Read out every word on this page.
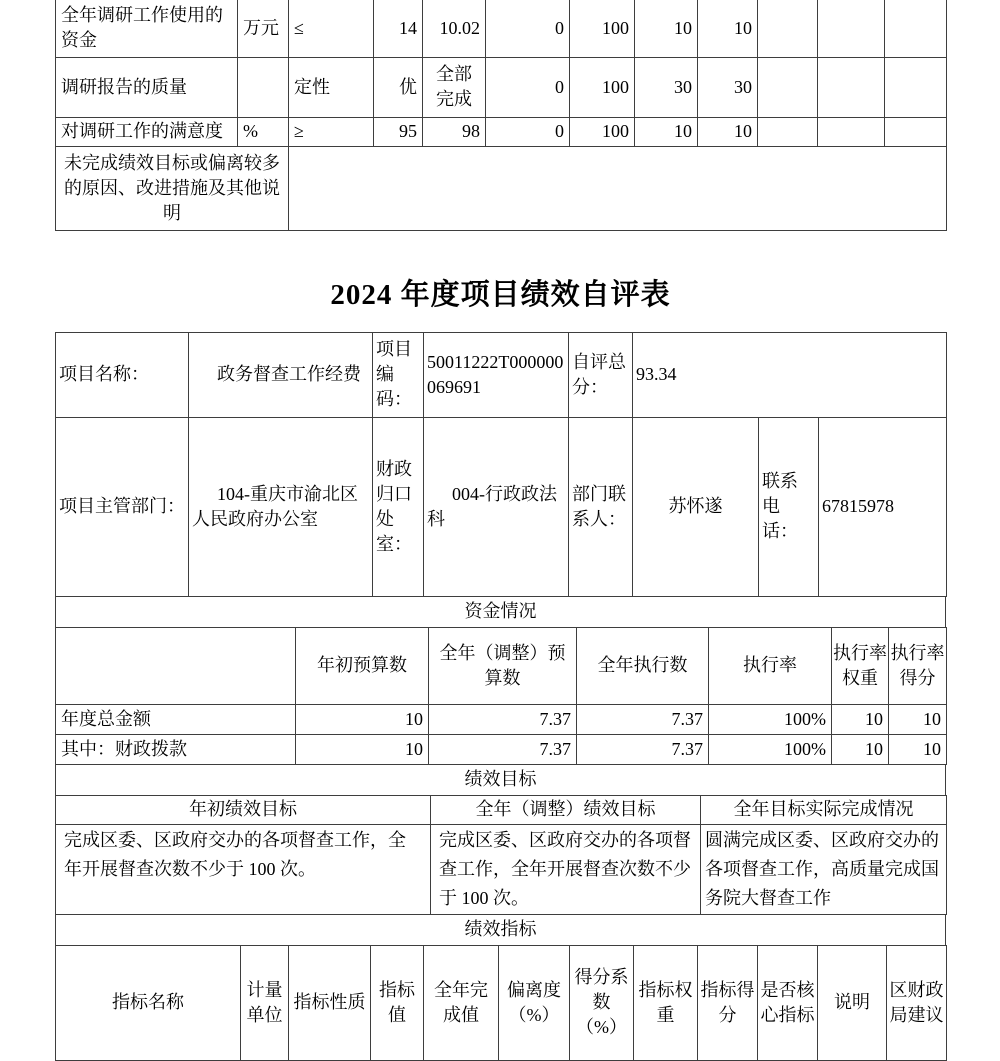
全年调研工作使用的资金	万元	≤	14	10.02	0	100	10	10			
调研报告的质量		定性	优	全部完成	0	100	30	30			
对调研工作的满意度	%	≥	95	98	0	100	10	10			
未完成绩效目标或偏离较多的原因、改进措施及其他说明											
2024 年度项目绩效自评表
项目名称：	政务督查工作经费	项目编码：	50011222T000000069691	自评总分：	93.34		
项目主管部门：	104-重庆市渝北区人民政府办公室	财政归口处室：	004-行政政法科	部门联系人：	苏怀遂	联系电话：	67815978
资金情况
	年初预算数	全年（调整）预算数	全年执行数	执行率	执行率权重	执行率得分
年度总金额	10	7.37	7.37	100%	10	10
其中：财政拨款	10	7.37	7.37	100%	10	10
绩效目标
年初绩效目标	全年（调整）绩效目标	全年目标实际完成情况
完成区委、区政府交办的各项督查工作，全年开展督查次数不少于 100 次。	完成区委、区政府交办的各项督查工作，全年开展督查次数不少于 100 次。	圆满完成区委、区政府交办的各项督查工作，高质量完成国务院大督查工作
绩效指标
指标名称	计量单位	指标性质	指标值	全年完成值	偏离度（%）	得分系数（%）	指标权重	指标得分	是否核心指标	说明	区财政局建议
